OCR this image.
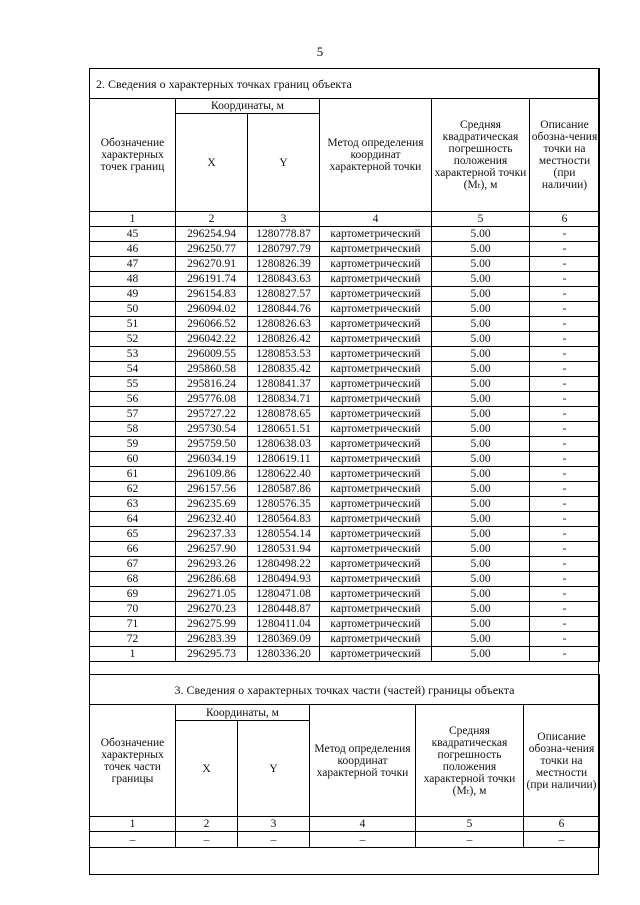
5
2. Сведения о характерных точках границ объекта					
Обозначение характерных точек границ	Координаты, м		Метод определения координат характерной точки	Средняя квадратическая погрешность положения характерной точки (Mₜ), м	Описание обозна-чения точки на местности (при наличии)
	X	Y			
1	2	3	4	5	6
45	296254.94	1280778.87	картометрический	5.00	-
46	296250.77	1280797.79	картометрический	5.00	-
47	296270.91	1280826.39	картометрический	5.00	-
48	296191.74	1280843.63	картометрический	5.00	-
49	296154.83	1280827.57	картометрический	5.00	-
50	296094.02	1280844.76	картометрический	5.00	-
51	296066.52	1280826.63	картометрический	5.00	-
52	296042.22	1280826.42	картометрический	5.00	-
53	296009.55	1280853.53	картометрический	5.00	-
54	295860.58	1280835.42	картометрический	5.00	-
55	295816.24	1280841.37	картометрический	5.00	-
56	295776.08	1280834.71	картометрический	5.00	-
57	295727.22	1280878.65	картометрический	5.00	-
58	295730.54	1280651.51	картометрический	5.00	-
59	295759.50	1280638.03	картометрический	5.00	-
60	296034.19	1280619.11	картометрический	5.00	-
61	296109.86	1280622.40	картометрический	5.00	-
62	296157.56	1280587.86	картометрический	5.00	-
63	296235.69	1280576.35	картометрический	5.00	-
64	296232.40	1280564.83	картометрический	5.00	-
65	296237.33	1280554.14	картометрический	5.00	-
66	296257.90	1280531.94	картометрический	5.00	-
67	296293.26	1280498.22	картометрический	5.00	-
68	296286.68	1280494.93	картометрический	5.00	-
69	296271.05	1280471.08	картометрический	5.00	-
70	296270.23	1280448.87	картометрический	5.00	-
71	296275.99	1280411.04	картометрический	5.00	-
72	296283.39	1280369.09	картометрический	5.00	-
1	296295.73	1280336.20	картометрический	5.00	-
3. Сведения о характерных точках части (частей) границы объекта					
Обозначение характерных точек части границы	Координаты, м		Метод определения координат характерной точки	Средняя квадратическая погрешность положения характерной точки (Mₜ), м	Описание обозна-чения точки на местности (при наличии)
	X	Y			
1	2	3	4	5	6
–	–	–	–	–	–
